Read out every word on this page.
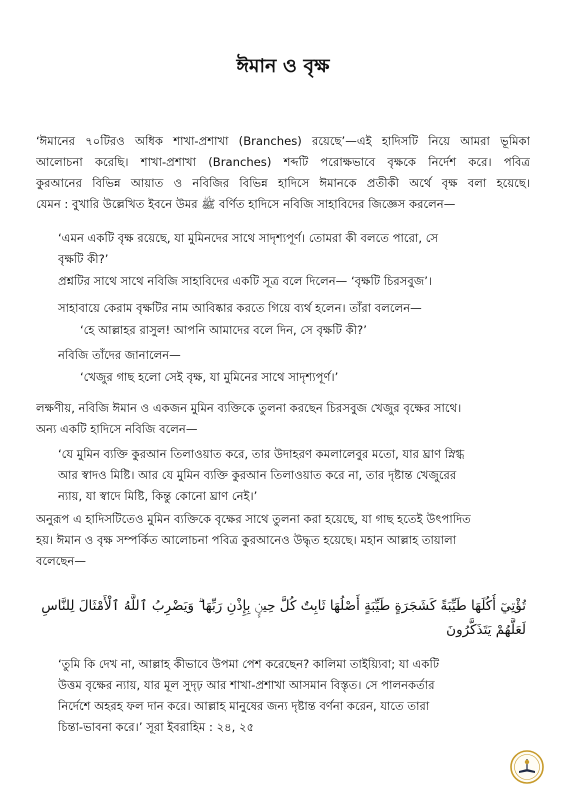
ঈমান ও বৃক্ষ
‘ঈমানের ৭০টিরও অধিক শাখা-প্রশাখা (Branches) রয়েছে’—এই হাদিসটি নিয়ে আমরা ভূমিকা
আলোচনা করেছি। শাখা-প্রশাখা (Branches) শব্দটি পরোক্ষভাবে বৃক্ষকে নির্দেশ করে। পবিত্র
কুরআনের বিভিন্ন আয়াত ও নবিজির বিভিন্ন হাদিসে ঈমানকে প্রতীকী অর্থে বৃক্ষ বলা হয়েছে।
যেমন : বুখারি উল্লেখিত ইবনে উমর ﷺ বর্ণিত হাদিসে নবিজি সাহাবিদের জিজ্ঞেস করলেন—
‘এমন একটি বৃক্ষ রয়েছে, যা মুমিনদের সাথে সাদৃশ্যপূর্ণ। তোমরা কী বলতে পারো, সে
বৃক্ষটি কী?’

প্রশ্নটির সাথে সাথে নবিজি সাহাবিদের একটি সূত্র বলে দিলেন— ‘বৃক্ষটি চিরসবুজ’।

সাহাবায়ে কেরাম বৃক্ষটির নাম আবিষ্কার করতে গিয়ে ব্যর্থ হলেন। তাঁরা বললেন—

‘হে আল্লাহর রাসুল! আপনি আমাদের বলে দিন, সে বৃক্ষটি কী?’

নবিজি তাঁদের জানালেন—

‘খেজুর গাছ হলো সেই বৃক্ষ, যা মুমিনের সাথে সাদৃশ্যপূর্ণ।’

লক্ষণীয়, নবিজি ঈমান ও একজন মুমিন ব্যক্তিকে তুলনা করছেন চিরসবুজ খেজুর বৃক্ষের সাথে।
অন্য একটি হাদিসে নবিজি বলেন—
‘যে মুমিন ব্যক্তি কুরআন তিলাওয়াত করে, তার উদাহরণ কমলালেবুর মতো, যার ঘ্রাণ স্নিগ্ধ
আর স্বাদও মিষ্টি। আর যে মুমিন ব্যক্তি কুরআন তিলাওয়াত করে না, তার দৃষ্টান্ত খেজুরের
ন্যায়, যা স্বাদে মিষ্টি, কিন্তু কোনো ঘ্রাণ নেই।’
অনুরূপ এ হাদিসটিতেও মুমিন ব্যক্তিকে বৃক্ষের সাথে তুলনা করা হয়েছে, যা গাছ হতেই উৎপাদিত
হয়। ঈমান ও বৃক্ষ সম্পর্কিত আলোচনা পবিত্র কুরআনেও উদ্ধৃত হয়েছে। মহান আল্লাহ তায়ালা
বলেছেন—
تُؤْتِيٓ أُكُلَهَا طَيِّبَةً كَشَجَرَةٍ طَيِّبَةٍ أَصْلُهَا ثَابِتٌ كُلَّ حِينٍۭ بِإِذْنِ رَبِّهَا ۗ وَيَضْرِبُ ٱللَّهُ ٱلْأَمْثَالَ لِلنَّاسِ
لَعَلَّهُمْ يَتَذَكَّرُونَ
‘তুমি কি দেখ না, আল্লাহ কীভাবে উপমা পেশ করেছেন? কালিমা তাইয়্যিবা; যা একটি
উত্তম বৃক্ষের ন্যায়, যার মূল সুদৃঢ় আর শাখা-প্রশাখা আসমান বিস্তৃত। সে পালনকর্তার
নির্দেশে অহরহ ফল দান করে। আল্লাহ মানুষের জন্য দৃষ্টান্ত বর্ণনা করেন, যাতে তারা
চিন্তা-ভাবনা করে।’ সূরা ইবরাহিম : ২৪, ২৫
